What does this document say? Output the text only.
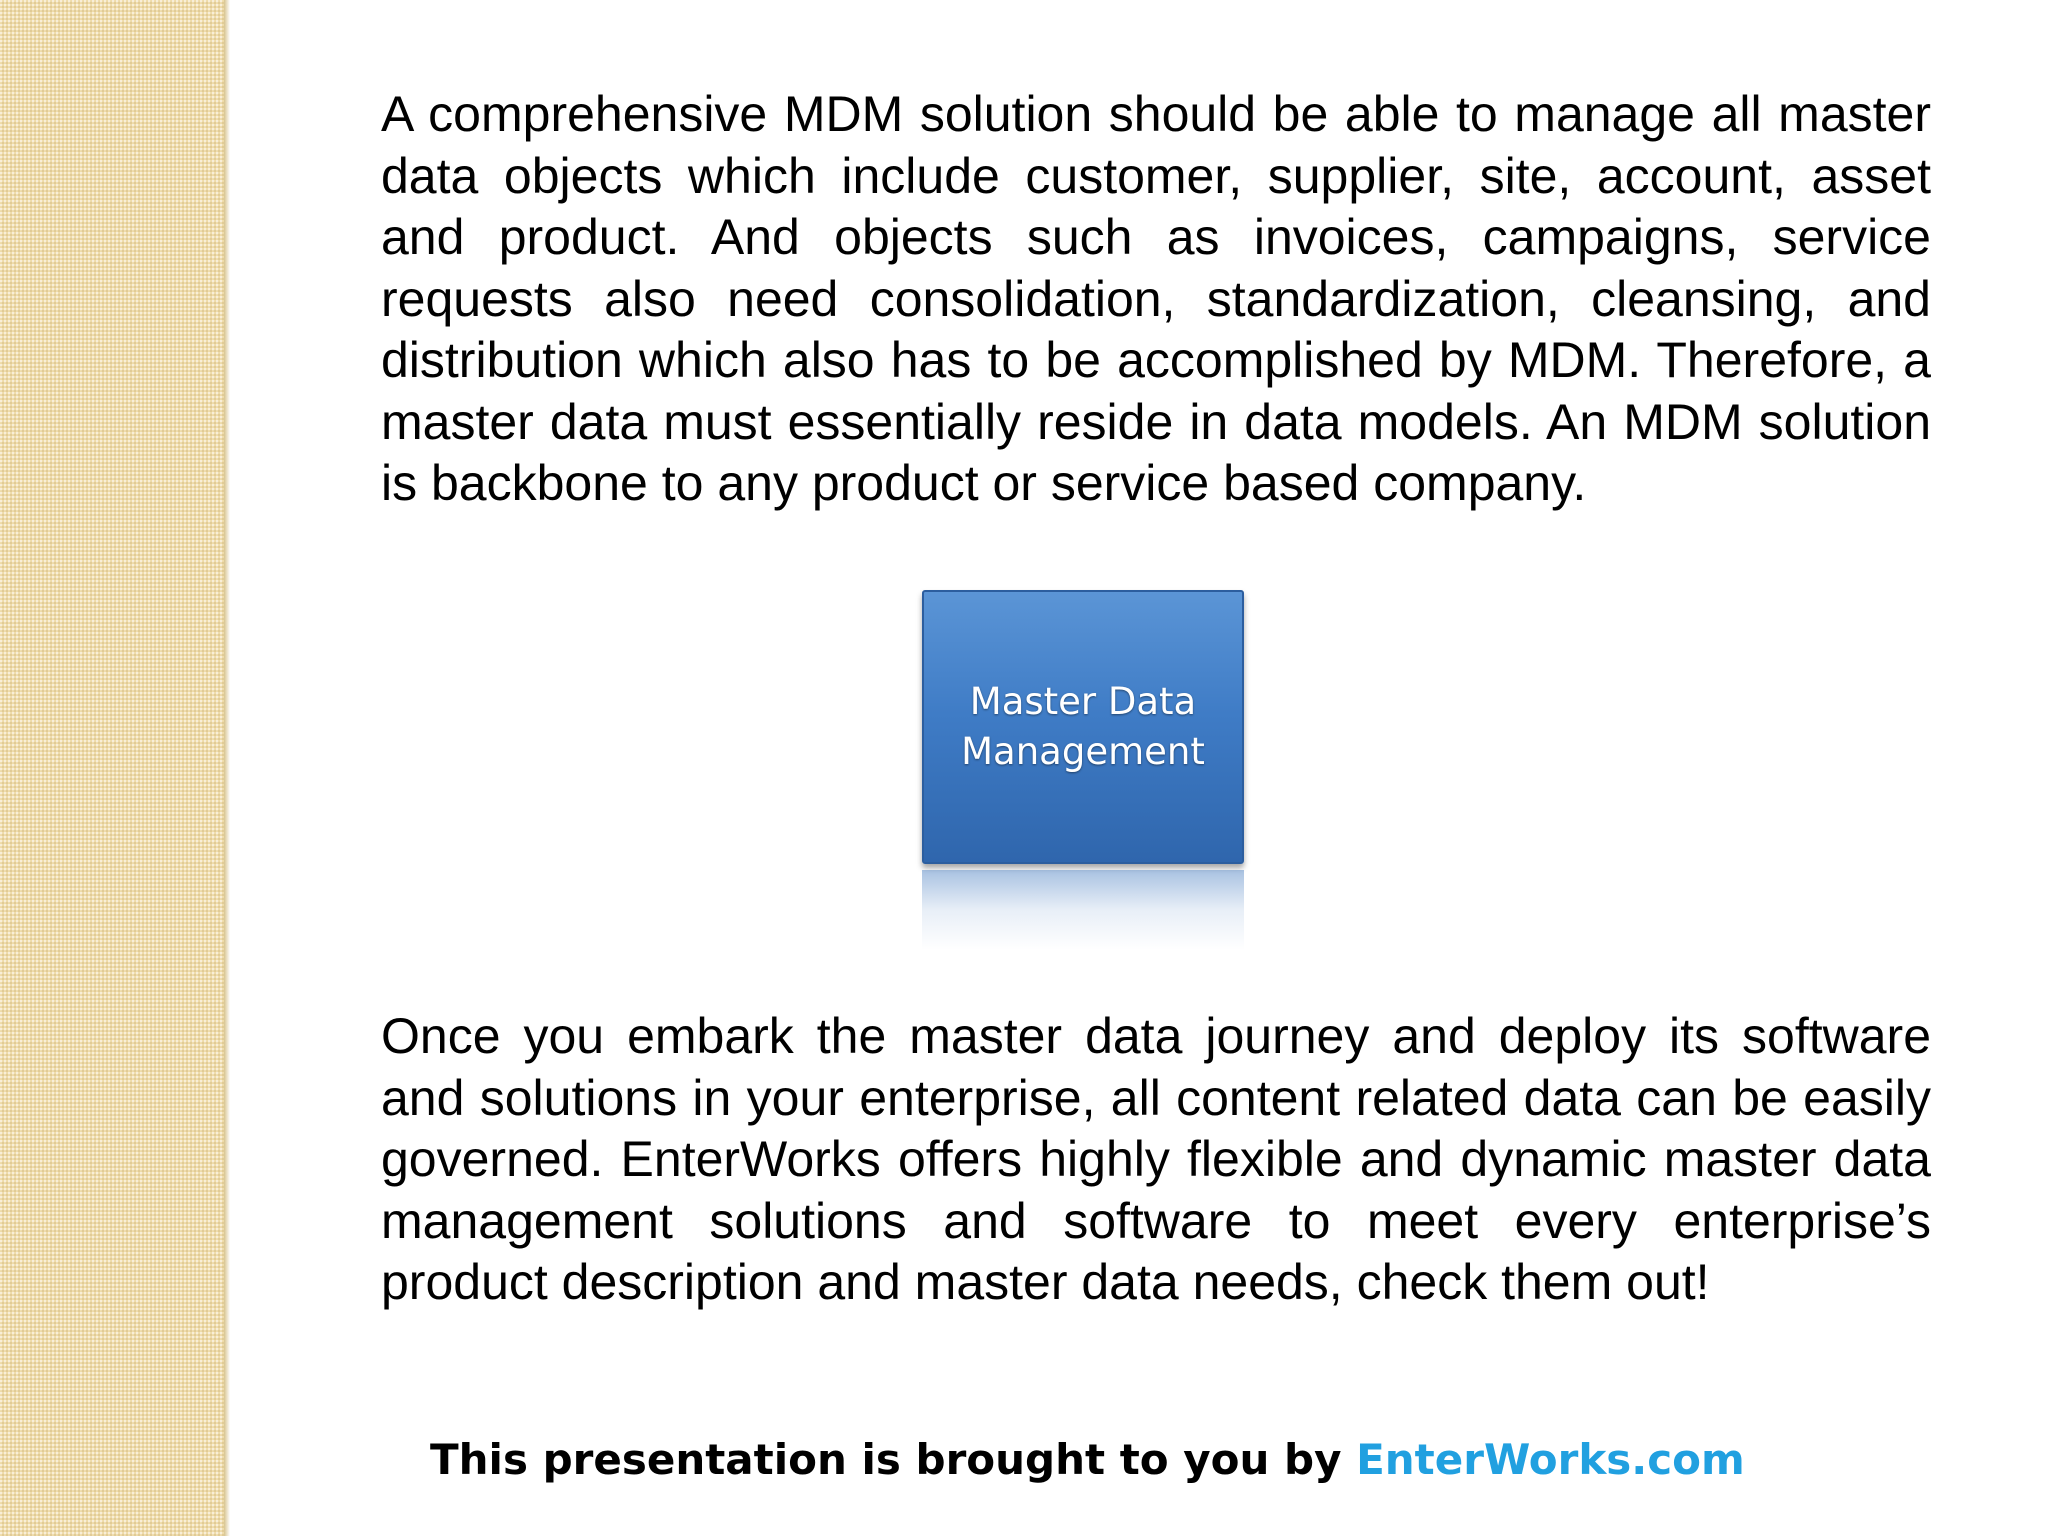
A comprehensive MDM solution should be able to manage all master data objects which include customer, supplier, site, account, asset and product. And objects such as invoices, campaigns, service requests also need consolidation, standardization, cleansing, and distribution which also has to be accomplished by MDM. Therefore, a master data must essentially reside in data models. An MDM solution is backbone to any product or service based company.

Master Data Management

Once you embark the master data journey and deploy its software and solutions in your enterprise, all content related data can be easily governed. EnterWorks offers highly flexible and dynamic master data management solutions and software to meet every enterprise’s product description and master data needs, check them out!

This presentation is brought to you by EnterWorks.com
